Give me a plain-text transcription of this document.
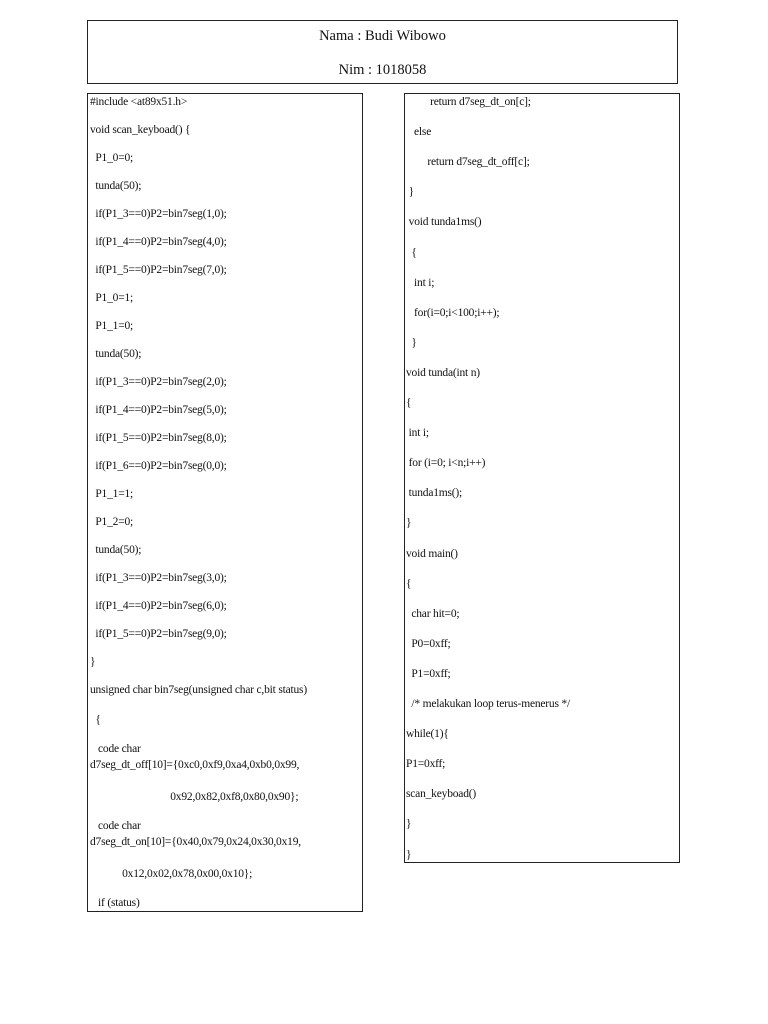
Nama : Budi Wibowo
Nim : 1018058
#include <at89x51.h>
void scan_keyboad() {
P1_0=0;
tunda(50);
if(P1_3==0)P2=bin7seg(1,0);
if(P1_4==0)P2=bin7seg(4,0);
if(P1_5==0)P2=bin7seg(7,0);
P1_0=1;
P1_1=0;
tunda(50);
if(P1_3==0)P2=bin7seg(2,0);
if(P1_4==0)P2=bin7seg(5,0);
if(P1_5==0)P2=bin7seg(8,0);
if(P1_6==0)P2=bin7seg(0,0);
P1_1=1;
P1_2=0;
tunda(50);
if(P1_3==0)P2=bin7seg(3,0);
if(P1_4==0)P2=bin7seg(6,0);
if(P1_5==0)P2=bin7seg(9,0);
}
unsigned char bin7seg(unsigned char c,bit status)
{
code char
d7seg_dt_off[10]={0xc0,0xf9,0xa4,0xb0,0x99,
0x92,0x82,0xf8,0x80,0x90};
code char
d7seg_dt_on[10]={0x40,0x79,0x24,0x30,0x19,
0x12,0x02,0x78,0x00,0x10};
if (status)
return d7seg_dt_on[c];
else
return d7seg_dt_off[c];
}
void tunda1ms()
{
int i;
for(i=0;i<100;i++);
}
void tunda(int n)
{
int i;
for (i=0; i<n;i++)
tunda1ms();
}
void main()
{
char hit=0;
P0=0xff;
P1=0xff;
/* melakukan loop terus-menerus */
while(1){
P1=0xff;
scan_keyboad()
}
}
